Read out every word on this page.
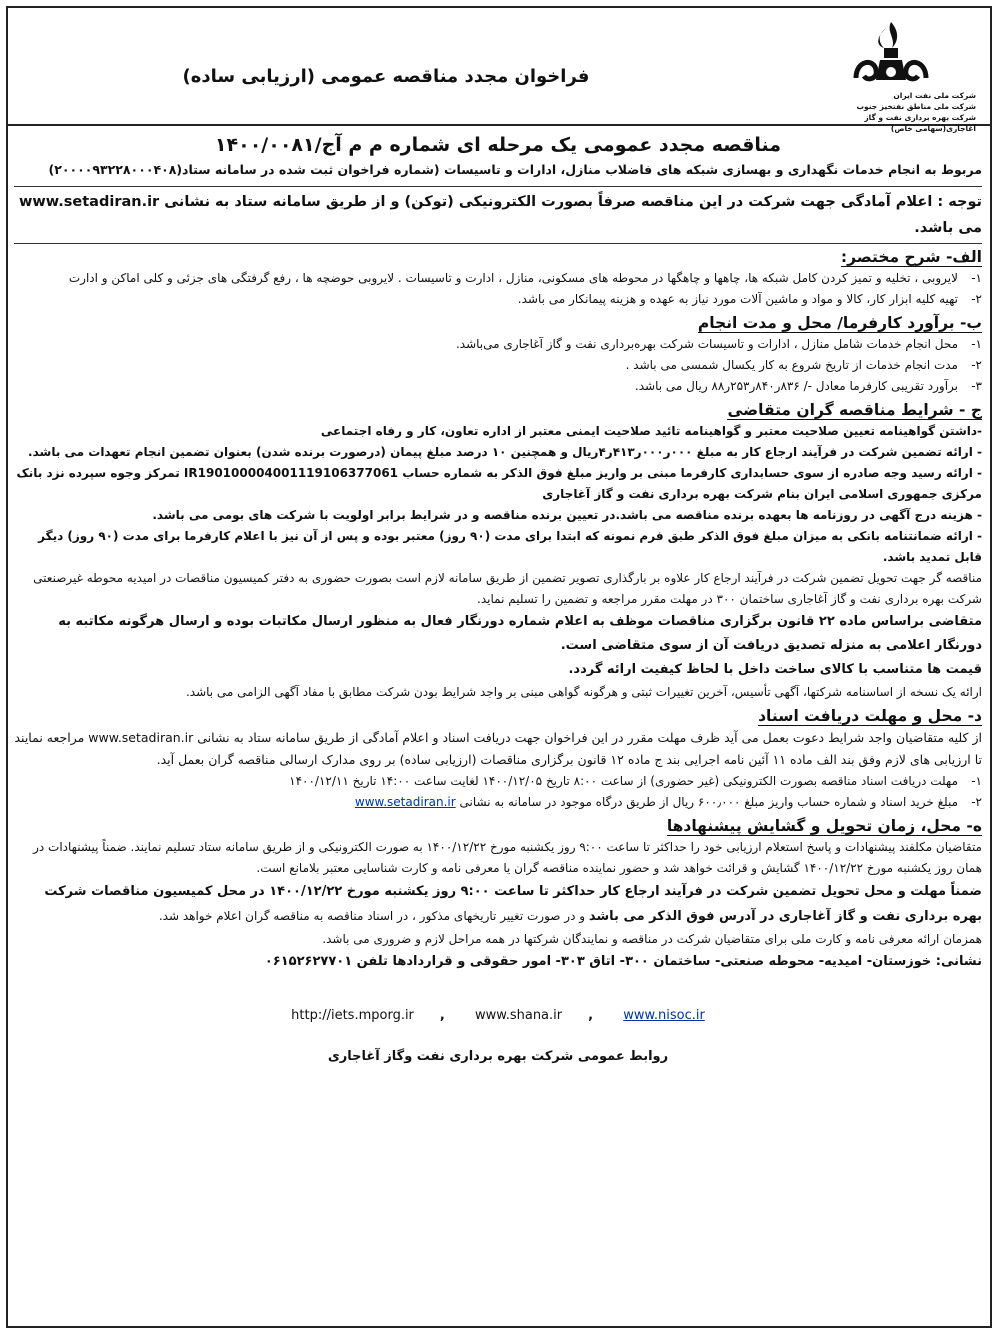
شرکت ملی نفت ایران
شرکت ملی مناطق نفتخیز جنوب
شرکت بهره برداری نفت و گاز آغاجاری(سهامی خاص)
فراخوان مجدد مناقصه عمومی (ارزیابی ساده)
مناقصه مجدد عمومی یک مرحله ای شماره م م آج/۱۴۰۰/۰۰۸۱
مربوط به انجام خدمات نگهداری و بهسازی شبکه های فاضلاب منازل، ادارات و تاسیسات (شماره فراخوان ثبت شده در سامانه ستاد(۲۰۰۰۰۹۳۲۲۸۰۰۰۴۰۸)
توجه : اعلام آمادگی جهت شرکت در این مناقصه صرفاً بصورت الکترونیکی (توکن) و از طریق سامانه ستاد به نشانی www.setadiran.ir می باشد.
الف- شرح مختصر:
۱-
لایروبی ، تخلیه و تمیز کردن کامل شبکه ها، چاهها و چاهگها در محوطه های مسکونی، منازل ، ادارت و تاسیسات . لایروبی حوضچه ها ، رفع گرفتگی های جزئی و کلی اماکن و ادارت
۲-
تهیه کلیه ابزار کار، کالا و مواد و ماشین آلات مورد نیاز به عهده و هزینه پیمانکار می باشد.
ب- برآورد کارفرما/ محل و مدت انجام
۱-
محل انجام خدمات شامل منازل ، ادارات و تاسیسات شرکت بهره‌برداری نفت و گاز آغاجاری می‌باشد.
۲-
مدت انجام خدمات از تاریخ شروع به کار یکسال شمسی می باشد .
۳-
برآورد تقریبی کارفرما معادل -/ ۸۳۶ر۸۴۰ر۲۵۳ر۸۸ ریال می باشد.
ج - شرایط مناقصه گران متقاضی
-داشتن گواهینامه تعیین صلاحیت معتبر و گواهینامه تائید صلاحیت ایمنی معتبر از اداره تعاون، کار و رفاه اجتماعی
- ارائه تضمین شرکت در فرآیند ارجاع کار به مبلغ ۰۰۰ر۰۰۰ر۴۱۳ر۴ریال و همچنین ۱۰ درصد مبلغ پیمان (درصورت برنده شدن) بعنوان تضمین انجام تعهدات می باشد.
- ارائه رسید وجه صادره از سوی حسابداری کارفرما مبنی بر واریز مبلغ فوق الذکر به شماره حساب IR190100004001119106377061 تمرکز وجوه سپرده نزد بانک مرکزی جمهوری اسلامی ایران بنام شرکت بهره برداری نفت و گاز آغاجاری
- هزینه درج آگهی در روزنامه ها بعهده برنده مناقصه می باشد.در تعیین برنده مناقصه و در شرایط برابر اولویت با شرکت های بومی می باشد.
- ارائه ضمانتنامه بانکی به میزان مبلغ فوق الذکر طبق فرم نمونه که ابتدا برای مدت (۹۰ روز) معتبر بوده و پس از آن نیز با اعلام کارفرما برای مدت (۹۰ روز) دیگر قابل تمدید باشد.
مناقصه گر جهت تحویل تضمین شرکت در فرآیند ارجاع کار علاوه بر بارگذاری تصویر تضمین از طریق سامانه لازم است بصورت حضوری به دفتر کمیسیون مناقصات در امیدیه محوطه غیرصنعتی شرکت بهره برداری نفت و گاز آغاجاری ساختمان ۳۰۰ در مهلت مقرر مراجعه و تضمین را تسلیم نماید.
متقاضی براساس ماده ۲۲ قانون برگزاری مناقصات موظف به اعلام شماره دورنگار فعال به منظور ارسال مکاتبات بوده و ارسال هرگونه مکاتبه به دورنگار اعلامی به منزله تصدیق دریافت آن از سوی متقاضی است.
قیمت ها متناسب با کالای ساخت داخل با لحاظ کیفیت ارائه گردد.
ارائه یک نسخه از اساسنامه شرکتها، آگهی تأسیس، آخرین تغییرات ثبتی و هرگونه گواهی مبنی بر واجد شرایط بودن شرکت مطابق با مفاد آگهی الزامی می باشد.
د- محل و مهلت دریافت اسناد
از کلیه متقاضیان واجد شرایط دعوت بعمل می آید ظرف مهلت مقرر در این فراخوان جهت دریافت اسناد و اعلام آمادگی از طریق سامانه ستاد به نشانی www.setadiran.ir مراجعه نمایند تا ارزیابی های لازم وفق بند الف ماده ۱۱ آئین نامه اجرایی بند ج ماده ۱۲ قانون برگزاری مناقصات (ارزیابی ساده) بر روی مدارک ارسالی مناقصه گران بعمل آید.
۱-
مهلت دریافت اسناد مناقصه بصورت الکترونیکی (غیر حضوری) از ساعت ۸:۰۰ تاریخ ۱۴۰۰/۱۲/۰۵ لغایت ساعت ۱۴:۰۰ تاریخ ۱۴۰۰/۱۲/۱۱
۲-
مبلغ خرید اسناد و شماره حساب واریز مبلغ ۶۰۰٫۰۰۰ ریال از طریق درگاه موجود در سامانه به نشانی www.setadiran.ir
ه- محل، زمان تحویل و گشایش پیشنهادها
متقاضیان مکلفند پیشنهادات و پاسخ استعلام ارزیابی خود را حداکثر تا ساعت ۹:۰۰ روز یکشنبه مورخ ۱۴۰۰/۱۲/۲۲ به صورت الکترونیکی و از طریق سامانه ستاد تسلیم نمایند. ضمناً پیشنهادات در همان روز یکشنبه مورخ ۱۴۰۰/۱۲/۲۲ گشایش و قرائت خواهد شد و حضور نماینده مناقصه گران یا معرفی نامه و کارت شناسایی معتبر بلامانع است.
ضمناً مهلت و محل تحویل تضمین شرکت در فرآیند ارجاع کار حداکثر تا ساعت ۹:۰۰ روز یکشنبه مورخ ۱۴۰۰/۱۲/۲۲ در محل کمیسیون مناقصات شرکت بهره برداری نفت و گاز آغاجاری در آدرس فوق الذکر می باشد و در صورت تغییر تاریخهای مذکور ، در اسناد مناقصه به مناقصه گران اعلام خواهد شد.
همزمان ارائه معرفی نامه و کارت ملی برای متقاضیان شرکت در مناقصه و نمایندگان شرکتها در همه مراحل لازم و ضروری می باشد.
نشانی: خوزستان- امیدیه- محوطه صنعتی- ساختمان ۳۰۰- اتاق ۳۰۳- امور حقوقی و قراردادها تلفن ۰۶۱۵۲۶۲۷۷۰۱
http://iets.mporg.ir , www.shana.ir , www.nisoc.ir
روابط عمومی شرکت بهره برداری نفت وگاز آغاجاری
